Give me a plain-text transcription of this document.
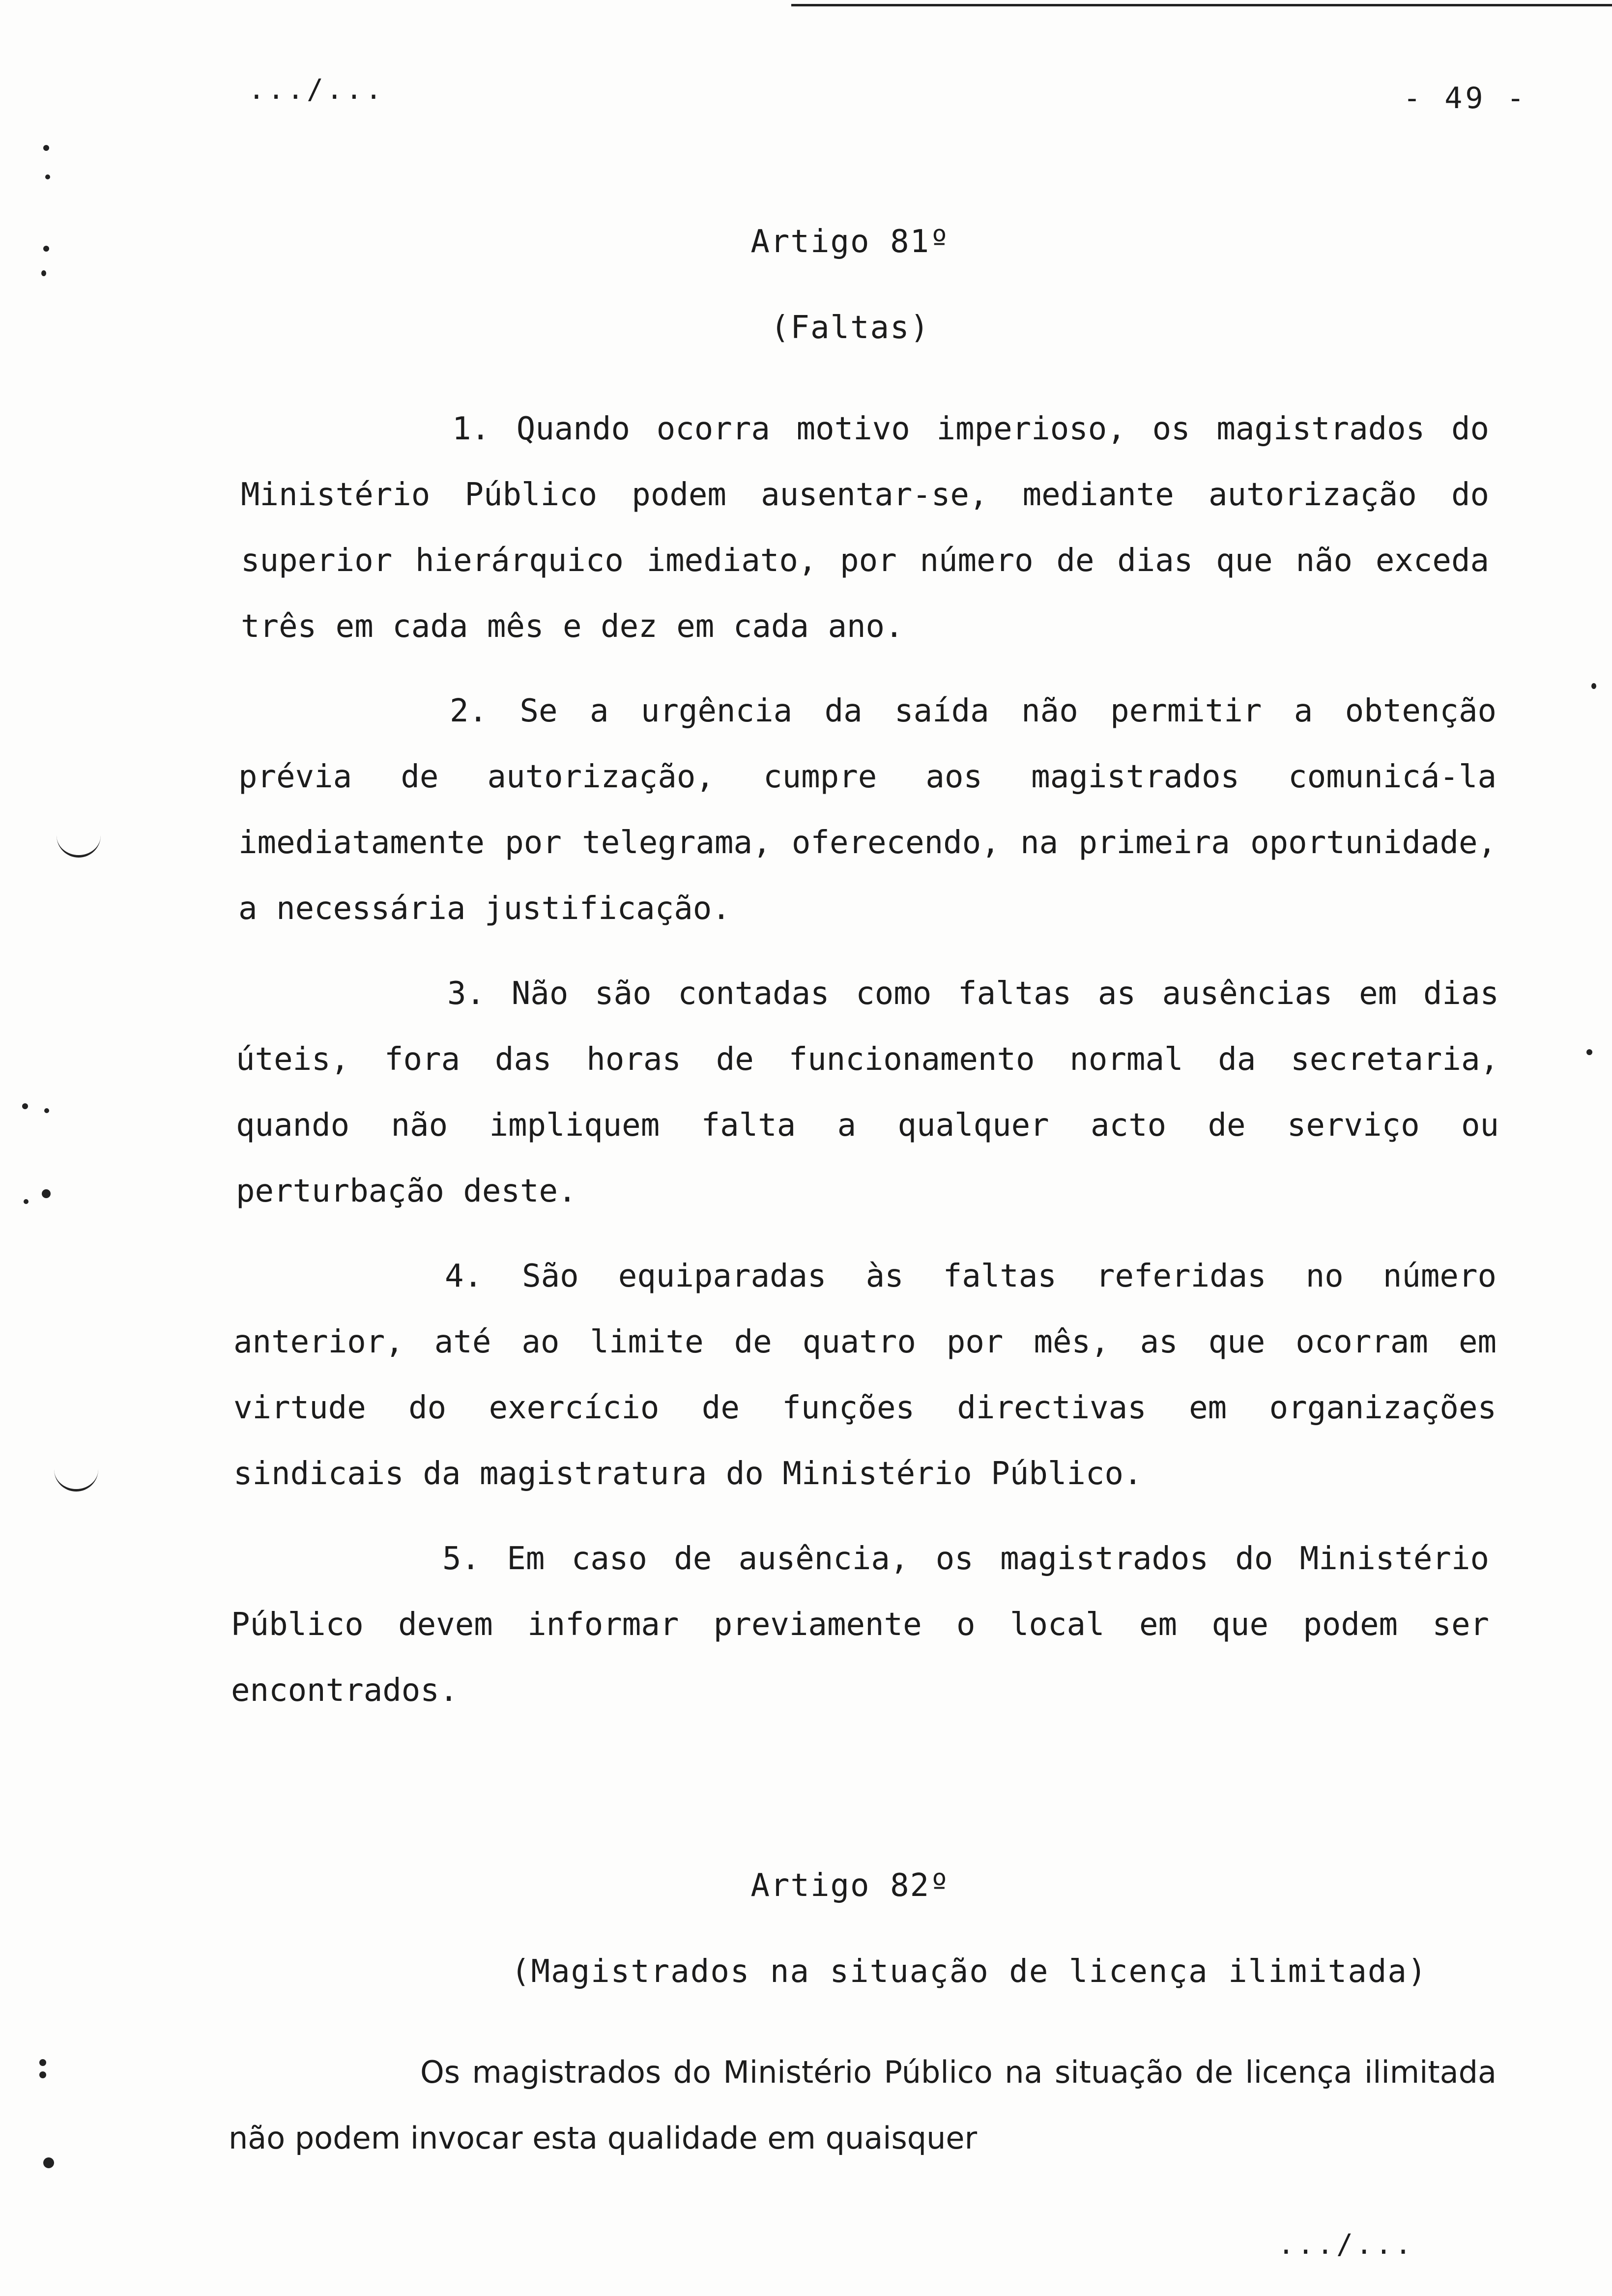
.../...	- 49 -
Artigo 81º
(Faltas)
1. Quando ocorra motivo imperioso, os magistrados do Ministério Público podem ausentar-se, mediante autorização do superior hierárquico imediato, por número de dias que não exceda três em cada mês e dez em cada ano.
2. Se a urgência da saída não permitir a obtenção prévia de autorização, cumpre aos magistrados comunicá-la imediatamente por telegrama, oferecendo, na primeira oportunidade, a necessária justificação.
3. Não são contadas como faltas as ausências em dias úteis, fora das horas de funcionamento normal da secretaria, quando não impliquem falta a qualquer acto de serviço ou perturbação deste.
4. São equiparadas às faltas referidas no número anterior, até ao limite de quatro por mês, as que ocorram em virtude do exercício de funções directivas em organizações sindicais da magistratura do Ministério Público.
5. Em caso de ausência, os magistrados do Ministério Público devem informar previamente o local em que podem ser encontrados.
Artigo 82º
(Magistrados na situação de licença ilimitada)
Os magistrados do Ministério Público na situação de licença ilimitada não podem invocar esta qualidade em quaisquer
.../...
